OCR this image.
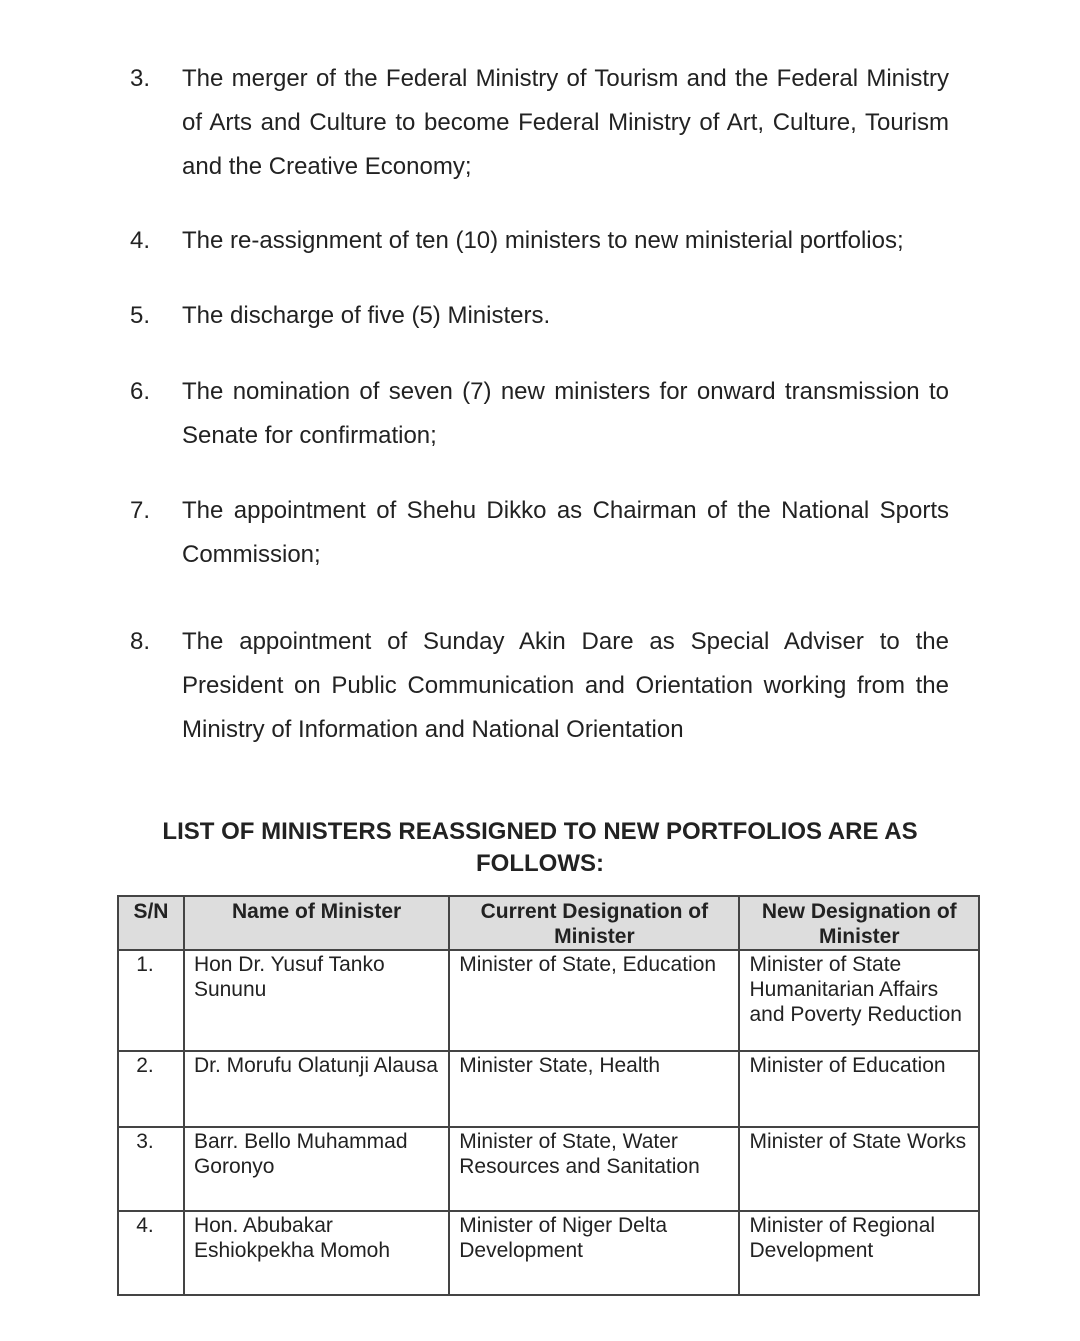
3. The merger of the Federal Ministry of Tourism and the Federal Ministry of Arts and Culture to become Federal Ministry of Art, Culture, Tourism and the Creative Economy;
4. The re-assignment of ten (10) ministers to new ministerial portfolios;
5. The discharge of five (5) Ministers.
6. The nomination of seven (7) new ministers for onward transmission to Senate for confirmation;
7. The appointment of Shehu Dikko as Chairman of the National Sports Commission;
8. The appointment of Sunday Akin Dare as Special Adviser to the President on Public Communication and Orientation working from the Ministry of Information and National Orientation
LIST OF MINISTERS REASSIGNED TO NEW PORTFOLIOS ARE AS FOLLOWS:
S/N	Name of Minister	Current Designation of Minister	New Designation of Minister
1.	Hon Dr. Yusuf Tanko Sununu	Minister of State, Education	Minister of State Humanitarian Affairs and Poverty Reduction
2.	Dr. Morufu Olatunji Alausa	Minister State, Health	Minister of Education
3.	Barr. Bello Muhammad Goronyo	Minister of State, Water Resources and Sanitation	Minister of State Works
4.	Hon. Abubakar Eshiokpekha Momoh	Minister of Niger Delta Development	Minister of Regional Development
